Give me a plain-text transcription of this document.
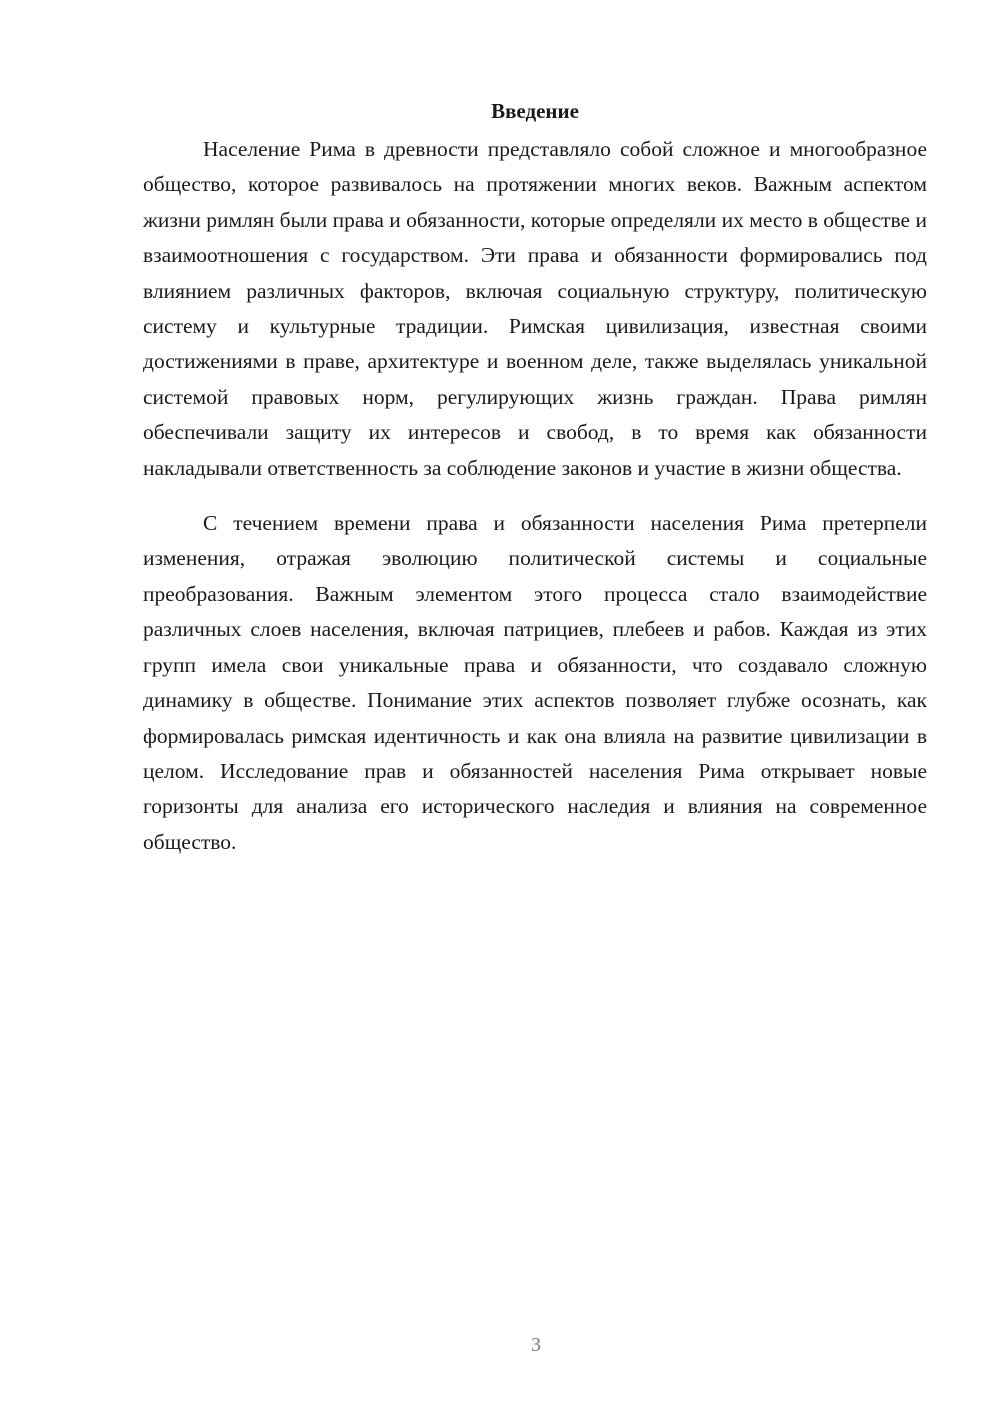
Введение

Население Рима в древности представляло собой сложное и многообразное общество, которое развивалось на протяжении многих веков. Важным аспектом жизни римлян были права и обязанности, которые определяли их место в обществе и взаимоотношения с государством. Эти права и обязанности формировались под влиянием различных факторов, включая социальную структуру, политическую систему и культурные традиции. Римская цивилизация, известная своими достижениями в праве, архитектуре и военном деле, также выделялась уникальной системой правовых норм, регулирующих жизнь граждан. Права римлян обеспечивали защиту их интересов и свобод, в то время как обязанности накладывали ответственность за соблюдение законов и участие в жизни общества.

С течением времени права и обязанности населения Рима претерпели изменения, отражая эволюцию политической системы и социальные преобразования. Важным элементом этого процесса стало взаимодействие различных слоев населения, включая патрициев, плебеев и рабов. Каждая из этих групп имела свои уникальные права и обязанности, что создавало сложную динамику в обществе. Понимание этих аспектов позволяет глубже осознать, как формировалась римская идентичность и как она влияла на развитие цивилизации в целом. Исследование прав и обязанностей населения Рима открывает новые горизонты для анализа его исторического наследия и влияния на современное общество.

3
